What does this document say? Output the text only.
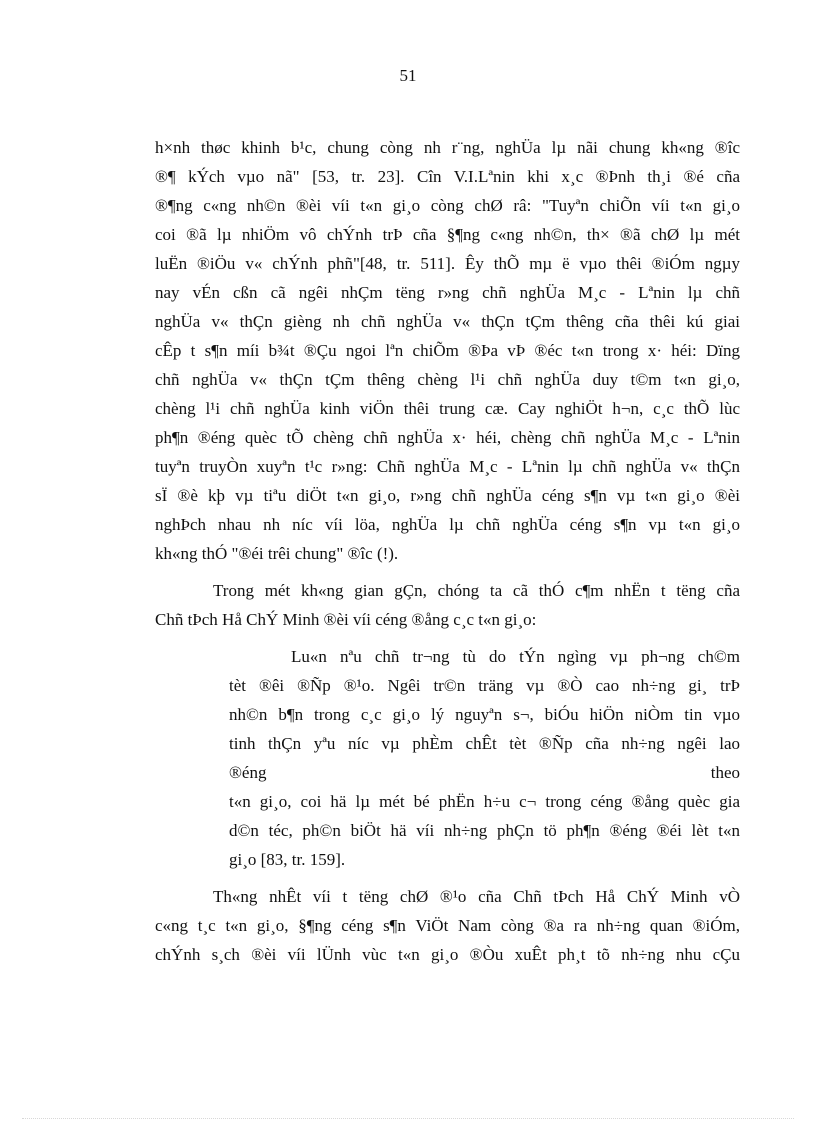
51
h×nh thøc khinh b¹c, chung còng nh r¨ng, nghÜa lµ nãi chung kh«ng ®îc
®¶ kÝch vµo nã" [53, tr. 23]. Cîn V.I.Lªnin khi x¸c ®Þnh th¸i ®é cña
®¶ng c«ng nh©n ®èi víi t«n gi¸o còng chØ râ: "Tuyªn chiÕn víi t«n gi¸o
coi ®ã lµ nhiÖm vô chÝnh trÞ cña §¶ng c«ng nh©n, th× ®ã chØ lµ mét
luËn ®iÖu v« chÝnh phñ"[48, tr. 511]. Êy thÕ mµ ë vµo thêi ®iÓm ngµy
nay vÉn cßn cã ngêi nhÇm tëng r»ng chñ nghÜa M¸c - Lªnin lµ chñ
nghÜa v« thÇn gièng nh chñ nghÜa v« thÇn tÇm thêng cña thêi kú giai
cÊp t s¶n míi b¾t ®Çu ngoi lªn chiÕm ®Þa vÞ ®éc t«n trong x· héi: Dïng
chñ nghÜa v« thÇn tÇm thêng chèng l¹i chñ nghÜa duy t©m t«n gi¸o,
chèng l¹i chñ nghÜa kinh viÖn thêi trung cæ. Cay nghiÖt h¬n, c¸c thÕ lùc
ph¶n ®éng quèc tÕ chèng chñ nghÜa x· héi, chèng chñ nghÜa M¸c - Lªnin
tuyªn truyÒn xuyªn t¹c r»ng: Chñ nghÜa M¸c - Lªnin lµ chñ nghÜa v« thÇn
sÏ ®è kþ vµ tiªu diÖt t«n gi¸o, r»ng chñ nghÜa céng s¶n vµ t«n gi¸o ®èi
nghÞch nhau nh níc víi löa, nghÜa lµ chñ nghÜa céng s¶n vµ t«n gi¸o
kh«ng thÓ "®éi trêi chung" ®îc (!).
Trong mét kh«ng gian gÇn, chóng ta cã thÓ c¶m nhËn t tëng cña
Chñ tÞch Hå ChÝ Minh ®èi víi céng ®ång c¸c t«n gi¸o:
Lu«n nªu chñ tr¬ng tù do tÝn ngìng vµ ph¬ng ch©m
tèt ®êi ®Ñp ®¹o. Ngêi tr©n träng vµ ®Ò cao nh÷ng gi¸ trÞ
nh©n b¶n trong c¸c gi¸o lý nguyªn s¬, biÓu hiÖn niÒm tin vµo
tinh thÇn yªu níc vµ phÈm chÊt tèt ®Ñp cña nh÷ng ngêi lao
®éng theo
t«n gi¸o, coi hä lµ mét bé phËn h÷u c¬ trong céng ®ång quèc gia
d©n téc, ph©n biÖt hä víi nh÷ng phÇn tö ph¶n ®éng ®éi lèt t«n
gi¸o [83, tr. 159].
Th«ng nhÊt víi t tëng chØ ®¹o cña Chñ tÞch Hå ChÝ Minh vÒ
c«ng t¸c t«n gi¸o, §¶ng céng s¶n ViÖt Nam còng ®a ra nh÷ng quan ®iÓm,
chÝnh s¸ch ®èi víi lÜnh vùc t«n gi¸o ®Òu xuÊt ph¸t tõ nh÷ng nhu cÇu
